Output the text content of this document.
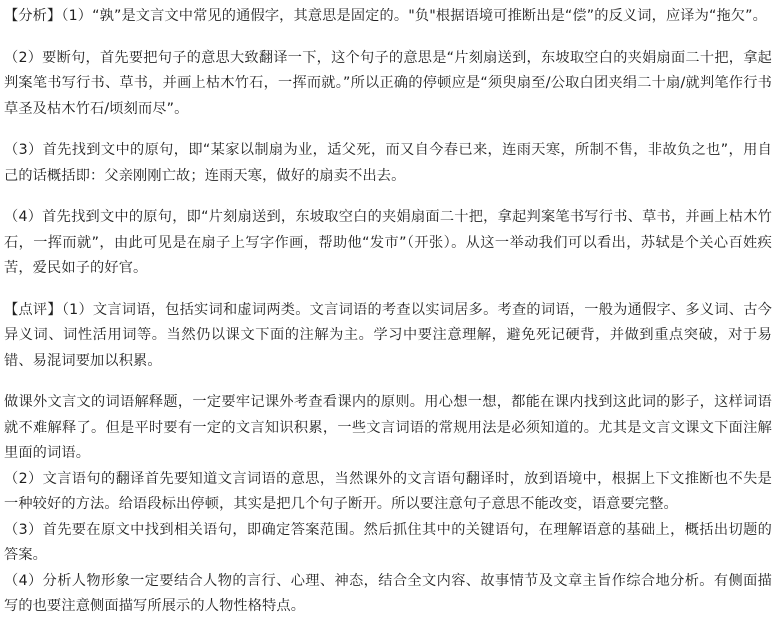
【分析】（1）“孰”是文言文中常见的通假字，其意思是固定的。"负"根据语境可推断出是“偿”的反义词，应译为“拖欠”。

（2）要断句，首先要把句子的意思大致翻译一下，这个句子的意思是“片刻扇送到，东坡取空白的夹娟扇面二十把，拿起判案笔书写行书、草书，并画上枯木竹石，一挥而就。”所以正确的停顿应是“须臾扇至/公取白团夹绢二十扇/就判笔作行书草圣及枯木竹石/顷刻而尽”。

（3）首先找到文中的原句，即“某家以制扇为业，适父死，而又自今春已来，连雨天寒，所制不售，非故负之也”，用自己的话概括即：父亲刚刚亡故；连雨天寒，做好的扇卖不出去。

（4）首先找到文中的原句，即“片刻扇送到，东坡取空白的夹娟扇面二十把，拿起判案笔书写行书、草书，并画上枯木竹石，一挥而就”，由此可见是在扇子上写字作画，帮助他“发市”（开张）。从这一举动我们可以看出，苏轼是个关心百姓疾苦，爱民如子的好官。

【点评】（1）文言词语，包括实词和虚词两类。文言词语的考查以实词居多。考查的词语，一般为通假字、多义词、古今异义词、词性活用词等。当然仍以课文下面的注解为主。学习中要注意理解，避免死记硬背，并做到重点突破，对于易错、易混词要加以积累。

做课外文言文的词语解释题，一定要牢记课外考查看课内的原则。用心想一想，都能在课内找到这此词的影子，这样词语就不难解释了。但是平时要有一定的文言知识积累，一些文言词语的常规用法是必须知道的。尤其是文言文课文下面注解里面的词语。

（2）文言语句的翻译首先要知道文言词语的意思，当然课外的文言语句翻译时，放到语境中，根据上下文推断也不失是一种较好的方法。给语段标出停顿，其实是把几个句子断开。所以要注意句子意思不能改变，语意要完整。

（3）首先要在原文中找到相关语句，即确定答案范围。然后抓住其中的关键语句，在理解语意的基础上，概括出切题的答案。

（4）分析人物形象一定要结合人物的言行、心理、神态，结合全文内容、故事情节及文章主旨作综合地分析。有侧面描写的也要注意侧面描写所展示的人物性格特点。
